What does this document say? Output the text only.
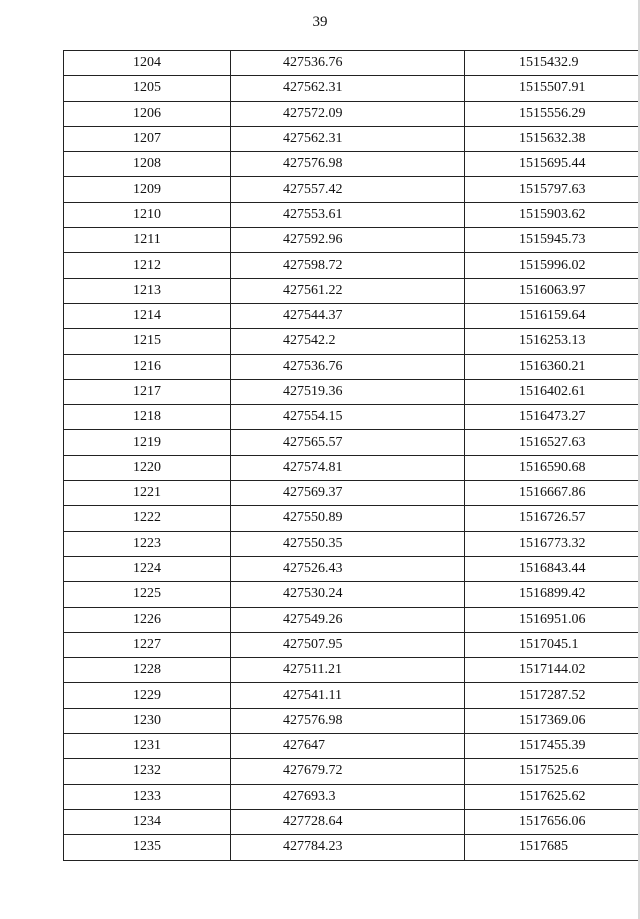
39
1204	427536.76	1515432.9
1205	427562.31	1515507.91
1206	427572.09	1515556.29
1207	427562.31	1515632.38
1208	427576.98	1515695.44
1209	427557.42	1515797.63
1210	427553.61	1515903.62
1211	427592.96	1515945.73
1212	427598.72	1515996.02
1213	427561.22	1516063.97
1214	427544.37	1516159.64
1215	427542.2	1516253.13
1216	427536.76	1516360.21
1217	427519.36	1516402.61
1218	427554.15	1516473.27
1219	427565.57	1516527.63
1220	427574.81	1516590.68
1221	427569.37	1516667.86
1222	427550.89	1516726.57
1223	427550.35	1516773.32
1224	427526.43	1516843.44
1225	427530.24	1516899.42
1226	427549.26	1516951.06
1227	427507.95	1517045.1
1228	427511.21	1517144.02
1229	427541.11	1517287.52
1230	427576.98	1517369.06
1231	427647	1517455.39
1232	427679.72	1517525.6
1233	427693.3	1517625.62
1234	427728.64	1517656.06
1235	427784.23	1517685
